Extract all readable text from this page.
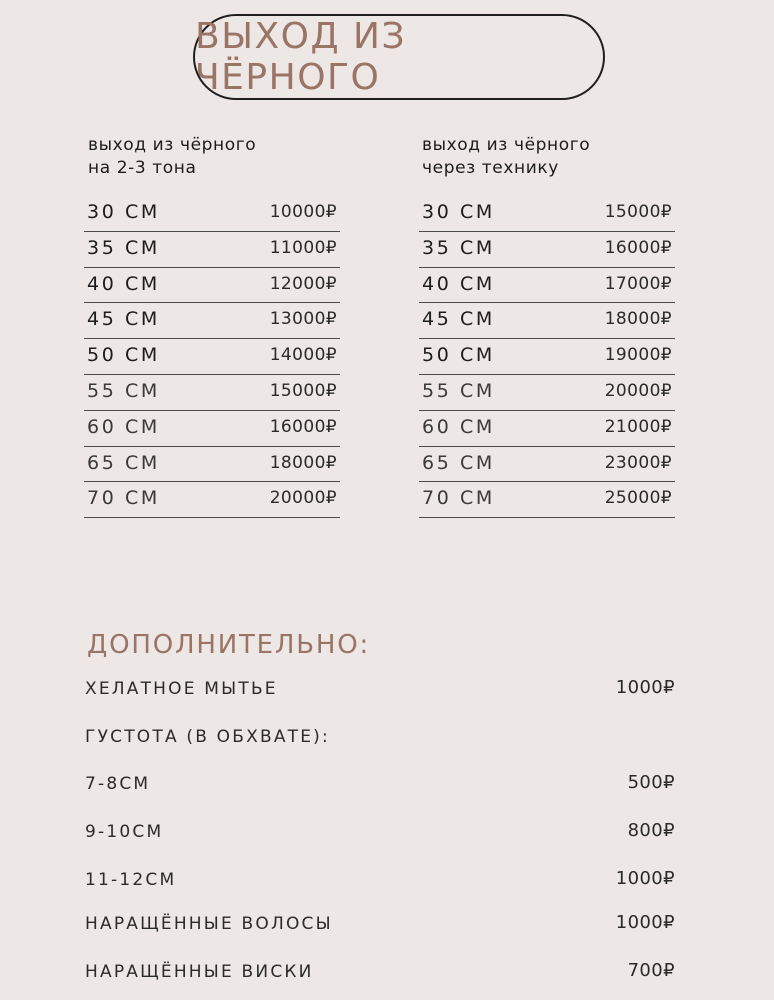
ВЫХОД ИЗ ЧЁРНОГО
выход из чёрного
на 2-3 тона
30 СМ	10000₽
35 СМ	11000₽
40 СМ	12000₽
45 СМ	13000₽
50 СМ	14000₽
55 СМ	15000₽
60 СМ	16000₽
65 СМ	18000₽
70 СМ	20000₽
выход из чёрного
через технику
30 СМ	15000₽
35 СМ	16000₽
40 СМ	17000₽
45 СМ	18000₽
50 СМ	19000₽
55 СМ	20000₽
60 СМ	21000₽
65 СМ	23000₽
70 СМ	25000₽
ДОПОЛНИТЕЛЬНО:
ХЕЛАТНОЕ МЫТЬЕ	1000₽
ГУСТОТА (В ОБХВАТЕ):
7-8СМ	500₽
9-10СМ	800₽
11-12СМ	1000₽
НАРАЩЁННЫЕ ВОЛОСЫ	1000₽
НАРАЩЁННЫЕ ВИСКИ	700₽
